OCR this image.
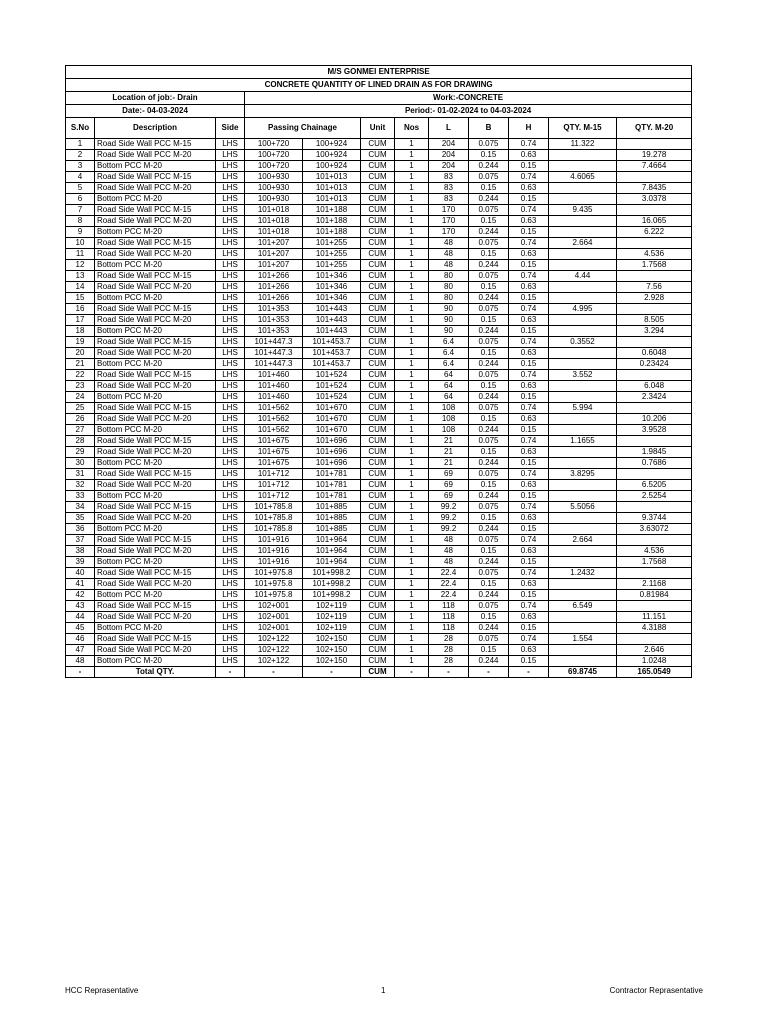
M/S GONMEI ENTERPRISE											
CONCRETE QUANTITY OF LINED DRAIN AS FOR DRAWING											
Location of job:- Drain			Work:-CONCRETE								
Date:- 04-03-2024			Period:- 01-02-2024 to 04-03-2024								
S.No	Description	Side	Passing Chainage		Unit	Nos	L	B	H	QTY. M-15	QTY. M-20
1	Road Side Wall PCC M-15	LHS	100+720	100+924	CUM	1	204	0.075	0.74	11.322	
2	Road Side Wall PCC M-20	LHS	100+720	100+924	CUM	1	204	0.15	0.63		19.278
3	Bottom PCC M-20	LHS	100+720	100+924	CUM	1	204	0.244	0.15		7.4664
4	Road Side Wall PCC M-15	LHS	100+930	101+013	CUM	1	83	0.075	0.74	4.6065	
5	Road Side Wall PCC M-20	LHS	100+930	101+013	CUM	1	83	0.15	0.63		7.8435
6	Bottom PCC M-20	LHS	100+930	101+013	CUM	1	83	0.244	0.15		3.0378
7	Road Side Wall PCC M-15	LHS	101+018	101+188	CUM	1	170	0.075	0.74	9.435	
8	Road Side Wall PCC M-20	LHS	101+018	101+188	CUM	1	170	0.15	0.63		16.065
9	Bottom PCC M-20	LHS	101+018	101+188	CUM	1	170	0.244	0.15		6.222
10	Road Side Wall PCC M-15	LHS	101+207	101+255	CUM	1	48	0.075	0.74	2.664	
11	Road Side Wall PCC M-20	LHS	101+207	101+255	CUM	1	48	0.15	0.63		4.536
12	Bottom PCC M-20	LHS	101+207	101+255	CUM	1	48	0.244	0.15		1.7568
13	Road Side Wall PCC M-15	LHS	101+266	101+346	CUM	1	80	0.075	0.74	4.44	
14	Road Side Wall PCC M-20	LHS	101+266	101+346	CUM	1	80	0.15	0.63		7.56
15	Bottom PCC M-20	LHS	101+266	101+346	CUM	1	80	0.244	0.15		2.928
16	Road Side Wall PCC M-15	LHS	101+353	101+443	CUM	1	90	0.075	0.74	4.995	
17	Road Side Wall PCC M-20	LHS	101+353	101+443	CUM	1	90	0.15	0.63		8.505
18	Bottom PCC M-20	LHS	101+353	101+443	CUM	1	90	0.244	0.15		3.294
19	Road Side Wall PCC M-15	LHS	101+447.3	101+453.7	CUM	1	6.4	0.075	0.74	0.3552	
20	Road Side Wall PCC M-20	LHS	101+447.3	101+453.7	CUM	1	6.4	0.15	0.63		0.6048
21	Bottom PCC M-20	LHS	101+447.3	101+453.7	CUM	1	6.4	0.244	0.15		0.23424
22	Road Side Wall PCC M-15	LHS	101+460	101+524	CUM	1	64	0.075	0.74	3.552	
23	Road Side Wall PCC M-20	LHS	101+460	101+524	CUM	1	64	0.15	0.63		6.048
24	Bottom PCC M-20	LHS	101+460	101+524	CUM	1	64	0.244	0.15		2.3424
25	Road Side Wall PCC M-15	LHS	101+562	101+670	CUM	1	108	0.075	0.74	5.994	
26	Road Side Wall PCC M-20	LHS	101+562	101+670	CUM	1	108	0.15	0.63		10.206
27	Bottom PCC M-20	LHS	101+562	101+670	CUM	1	108	0.244	0.15		3.9528
28	Road Side Wall PCC M-15	LHS	101+675	101+696	CUM	1	21	0.075	0.74	1.1655	
29	Road Side Wall PCC M-20	LHS	101+675	101+696	CUM	1	21	0.15	0.63		1.9845
30	Bottom PCC M-20	LHS	101+675	101+696	CUM	1	21	0.244	0.15		0.7686
31	Road Side Wall PCC M-15	LHS	101+712	101+781	CUM	1	69	0.075	0.74	3.8295	
32	Road Side Wall PCC M-20	LHS	101+712	101+781	CUM	1	69	0.15	0.63		6.5205
33	Bottom PCC M-20	LHS	101+712	101+781	CUM	1	69	0.244	0.15		2.5254
34	Road Side Wall PCC M-15	LHS	101+785.8	101+885	CUM	1	99.2	0.075	0.74	5.5056	
35	Road Side Wall PCC M-20	LHS	101+785.8	101+885	CUM	1	99.2	0.15	0.63		9.3744
36	Bottom PCC M-20	LHS	101+785.8	101+885	CUM	1	99.2	0.244	0.15		3.63072
37	Road Side Wall PCC M-15	LHS	101+916	101+964	CUM	1	48	0.075	0.74	2.664	
38	Road Side Wall PCC M-20	LHS	101+916	101+964	CUM	1	48	0.15	0.63		4.536
39	Bottom PCC M-20	LHS	101+916	101+964	CUM	1	48	0.244	0.15		1.7568
40	Road Side Wall PCC M-15	LHS	101+975.8	101+998.2	CUM	1	22.4	0.075	0.74	1.2432	
41	Road Side Wall PCC M-20	LHS	101+975.8	101+998.2	CUM	1	22.4	0.15	0.63		2.1168
42	Bottom PCC M-20	LHS	101+975.8	101+998.2	CUM	1	22.4	0.244	0.15		0.81984
43	Road Side Wall PCC M-15	LHS	102+001	102+119	CUM	1	118	0.075	0.74	6.549	
44	Road Side Wall PCC M-20	LHS	102+001	102+119	CUM	1	118	0.15	0.63		11.151
45	Bottom PCC M-20	LHS	102+001	102+119	CUM	1	118	0.244	0.15		4.3188
46	Road Side Wall PCC M-15	LHS	102+122	102+150	CUM	1	28	0.075	0.74	1.554	
47	Road Side Wall PCC M-20	LHS	102+122	102+150	CUM	1	28	0.15	0.63		2.646
48	Bottom PCC M-20	LHS	102+122	102+150	CUM	1	28	0.244	0.15		1.0248
-	Total QTY.	-	-	-	CUM	-	-	-	-	69.8745	165.0549
HCC Reprasentative	1	Contractor Reprasentative
